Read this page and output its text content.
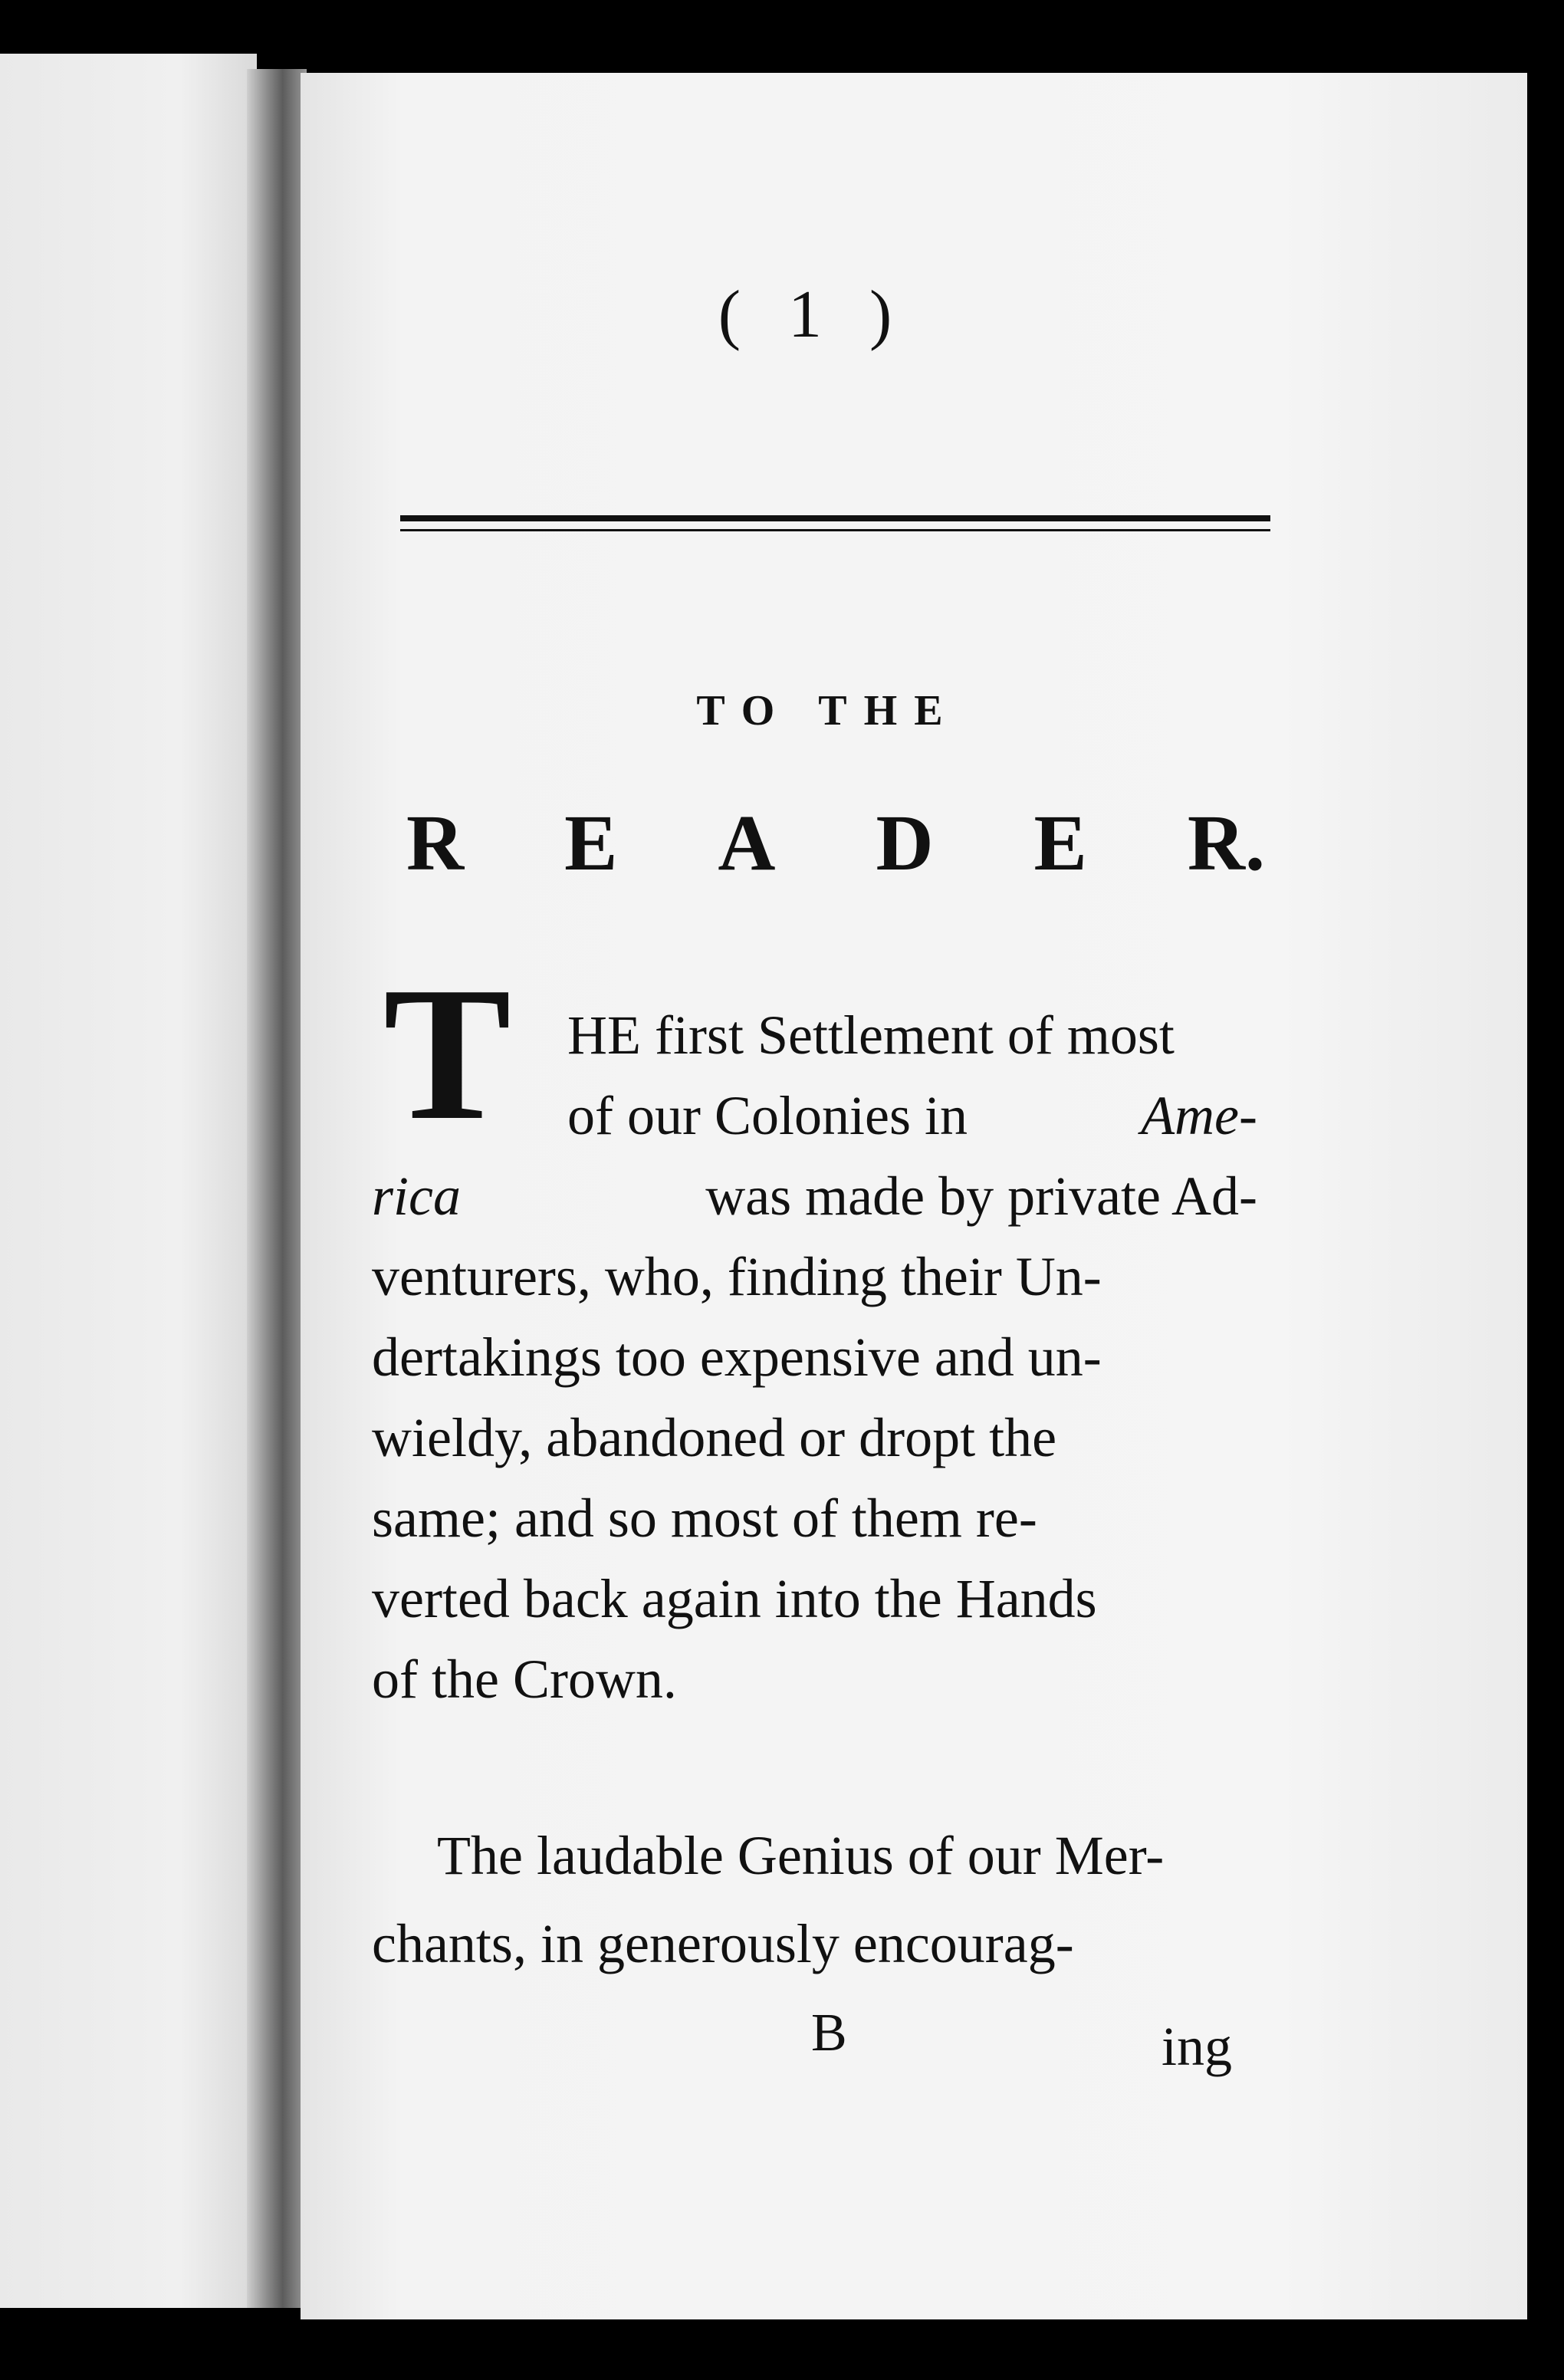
( 1 )
TO THE
R E A D E R.
T HE first Settlement of most
of our Colonies in	Ame-
rica	was made by private Ad-
venturers, who, finding their Un-
dertakings too expensive and un-
wieldy, abandoned or dropt the
same; and so most of them re-
verted back again into the Hands
of the Crown.
The laudable Genius of our Mer-
chants, in generously encourag-
B	ing
